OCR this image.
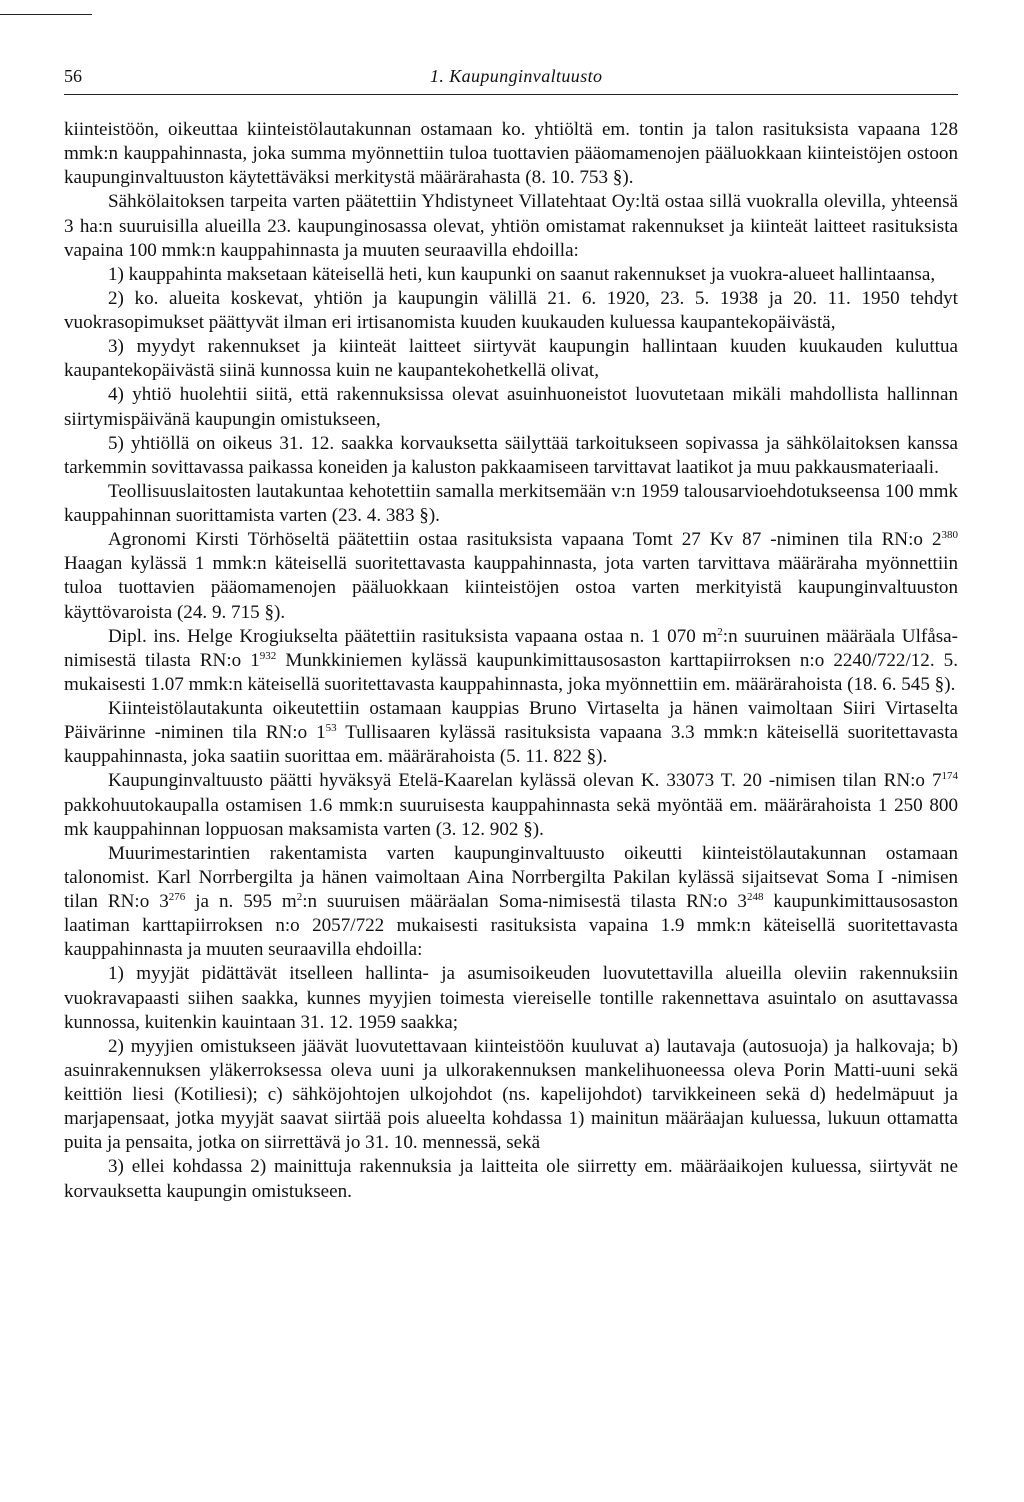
56	1. Kaupunginvaltuusto

kiinteistöön, oikeuttaa kiinteistölautakunnan ostamaan ko. yhtiöltä em. tontin ja talon rasituksista vapaana 128 mmk:n kauppahinnasta, joka summa myönnettiin tuloa tuottavien pääomamenojen pääluokkaan kiinteistöjen ostoon kaupunginvaltuuston käytettäväksi merkitystä määrärahasta (8. 10. 753 §).

Sähkölaitoksen tarpeita varten päätettiin Yhdistyneet Villatehtaat Oy:ltä ostaa sillä vuokralla olevilla, yhteensä 3 ha:n suuruisilla alueilla 23. kaupunginosassa olevat, yhtiön omistamat rakennukset ja kiinteät laitteet rasituksista vapaina 100 mmk:n kauppahinnasta ja muuten seuraavilla ehdoilla:

1) kauppahinta maksetaan käteisellä heti, kun kaupunki on saanut rakennukset ja vuokra-alueet hallintaansa,

2) ko. alueita koskevat, yhtiön ja kaupungin välillä 21. 6. 1920, 23. 5. 1938 ja 20. 11. 1950 tehdyt vuokrasopimukset päättyvät ilman eri irtisanomista kuuden kuukauden kuluessa kaupantekopäivästä,

3) myydyt rakennukset ja kiinteät laitteet siirtyvät kaupungin hallintaan kuuden kuukauden kuluttua kaupantekopäivästä siinä kunnossa kuin ne kaupantekohetkellä olivat,

4) yhtiö huolehtii siitä, että rakennuksissa olevat asuinhuoneistot luovutetaan mikäli mahdollista hallinnan siirtymispäivänä kaupungin omistukseen,

5) yhtiöllä on oikeus 31. 12. saakka korvauksetta säilyttää tarkoitukseen sopivassa ja sähkölaitoksen kanssa tarkemmin sovittavassa paikassa koneiden ja kaluston pakkaamiseen tarvittavat laatikot ja muu pakkausmateriaali.

Teollisuuslaitosten lautakuntaa kehotettiin samalla merkitsemään v:n 1959 talousarvioehdotukseensa 100 mmk kauppahinnan suorittamista varten (23. 4. 383 §).

Agronomi Kirsti Törhöseltä päätettiin ostaa rasituksista vapaana Tomt 27 Kv 87 -niminen tila RN:o $2^{380}$ Haagan kylässä 1 mmk:n käteisellä suoritettavasta kauppahinnasta, jota varten tarvittava määräraha myönnettiin tuloa tuottavien pääomamenojen pääluokkaan kiinteistöjen ostoa varten merkityistä kaupunginvaltuuston käyttövaroista (24. 9. 715 §).

Dipl. ins. Helge Krogiukselta päätettiin rasituksista vapaana ostaa n. 1 070 $m^2:n$ suuruinen määräala Ulfåsa-nimisestä tilasta RN:o $1^{932}$ Munkkiniemen kylässä kaupunkimittausosaston karttapiirroksen n:o 2240/722/12. 5. mukaisesti 1.07 mmk:n käteisellä suoritettavasta kauppahinnasta, joka myönnettiin em. määrärahoista (18. 6. 545 §).

Kiinteistölautakunta oikeutettiin ostamaan kauppias Bruno Virtaselta ja hänen vaimoltaan Siiri Virtaselta Päivärinne -niminen tila RN:o $1^{53}$ Tullisaaren kylässä rasituksista vapaana 3.3 mmk:n käteisellä suoritettavasta kauppahinnasta, joka saatiin suorittaa em. määrärahoista (5. 11. 822 §).

Kaupunginvaltuusto päätti hyväksyä Etelä-Kaarelan kylässä olevan K. 33073 T. 20 -nimisen tilan RN:o $7^{174}$ pakkohuutokaupalla ostamisen 1.6 mmk:n suuruisesta kauppahinnasta sekä myöntää em. määrärahoista 1 250 800 mk kauppahinnan loppuosan maksamista varten (3. 12. 902 §).

Muurimestarintien rakentamista varten kaupunginvaltuusto oikeutti kiinteistölautakunnan ostamaan talonomist. Karl Norrbergilta ja hänen vaimoltaan Aina Norrbergilta Pakilan kylässä sijaitsevat Soma I -nimisen tilan RN:o $3^{276}$ ja n. 595 $m^2:n$ suuruisen määräalan Soma-nimisestä tilasta RN:o $3^{248}$ kaupunkimittausosaston laatiman karttapiirroksen n:o 2057/722 mukaisesti rasituksista vapaina 1.9 mmk:n käteisellä suoritettavasta kauppahinnasta ja muuten seuraavilla ehdoilla:

1) myyjät pidättävät itselleen hallinta- ja asumisoikeuden luovutettavilla alueilla oleviin rakennuksiin vuokravapaasti siihen saakka, kunnes myyjien toimesta viereiselle tontille rakennettava asuintalo on asuttavassa kunnossa, kuitenkin kauintaan 31. 12. 1959 saakka;

2) myyjien omistukseen jäävät luovutettavaan kiinteistöön kuuluvat a) lautavaja (autosuoja) ja halkovaja; b) asuinrakennuksen yläkerroksessa oleva uuni ja ulkorakennuksen mankelihuoneessa oleva Porin Matti-uuni sekä keittiön liesi (Kotiliesi); c) sähköjohtojen ulkojohdot (ns. kapelijohdot) tarvikkeineen sekä d) hedelmäpuut ja marjapensaat, jotka myyjät saavat siirtää pois alueelta kohdassa 1) mainitun määräajan kuluessa, lukuun ottamatta puita ja pensaita, jotka on siirrettävä jo 31. 10. mennessä, sekä

3) ellei kohdassa 2) mainittuja rakennuksia ja laitteita ole siirretty em. määräaikojen kuluessa, siirtyvät ne korvauksetta kaupungin omistukseen.
